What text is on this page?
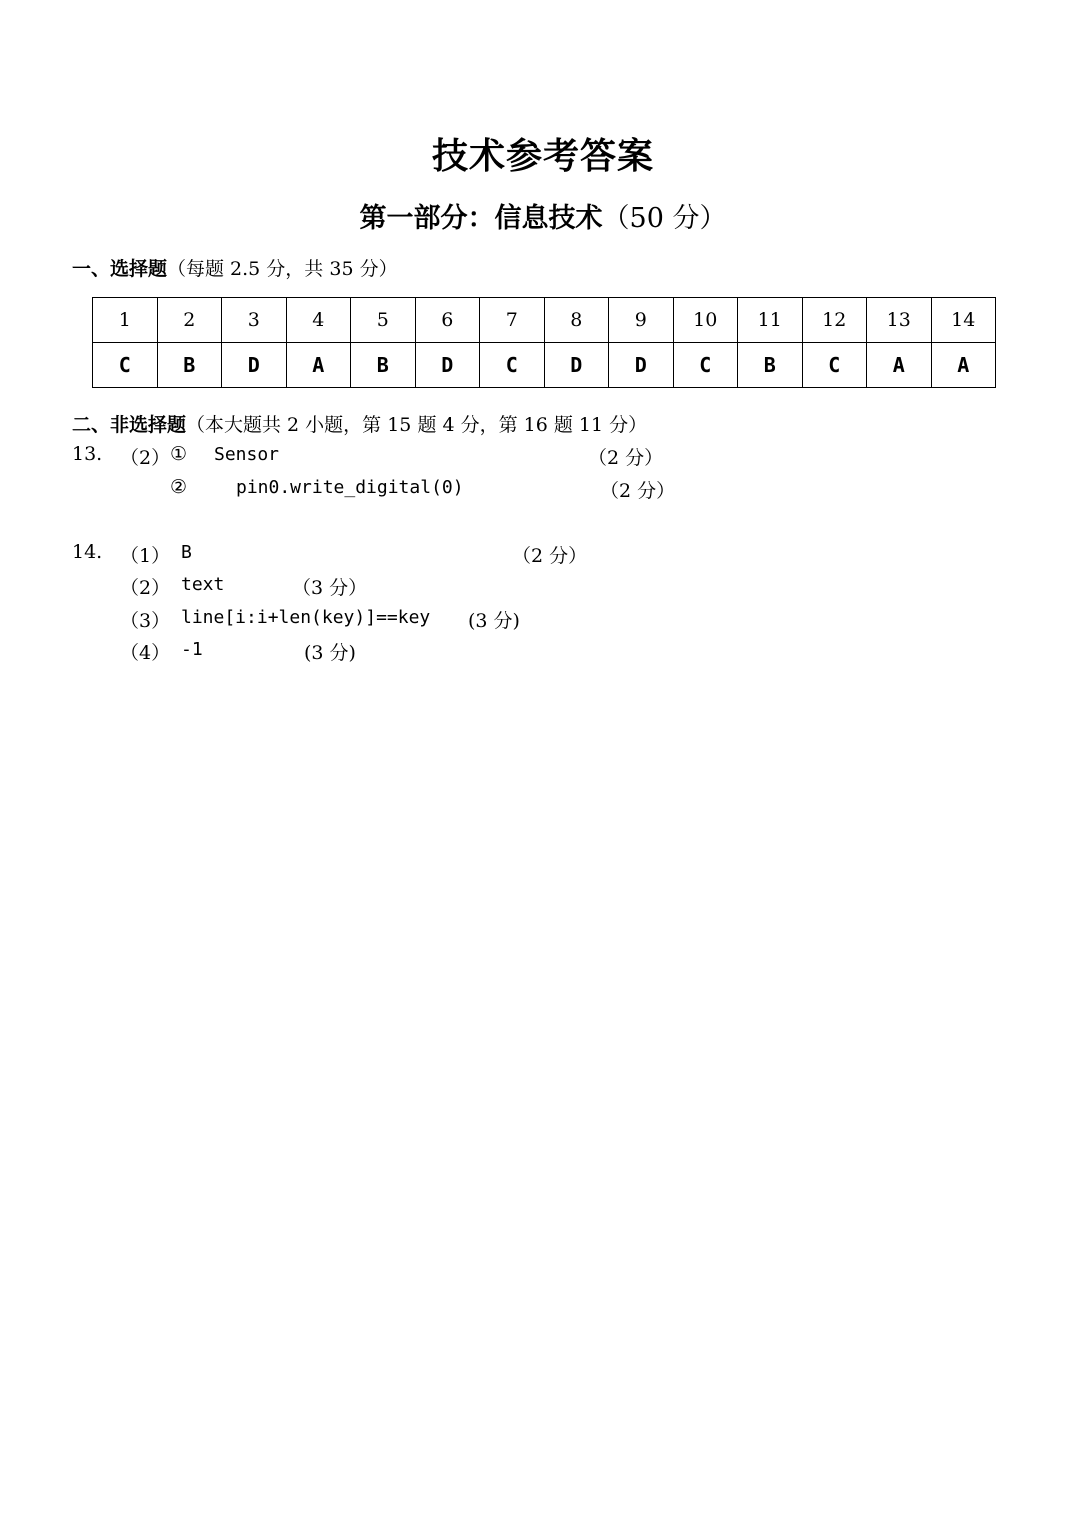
技术参考答案
第一部分：信息技术（50 分）
一、选择题（每题 2.5 分，共 35 分）
1	2	3	4	5	6	7	8	9	10	11	12	13	14
C	B	D	A	B	D	C	D	D	C	B	C	A	A
二、非选择题（本大题共 2 小题，第 15 题 4 分，第 16 题 11 分）
13. （2） ① Sensor	（2 分）
②	pin0.write_digital(0)	（2 分）
14. （1） B	（2 分）
（2） text	（3 分）
（3） line[i:i+len(key)]==key (3 分)
（4） -1	(3 分)
